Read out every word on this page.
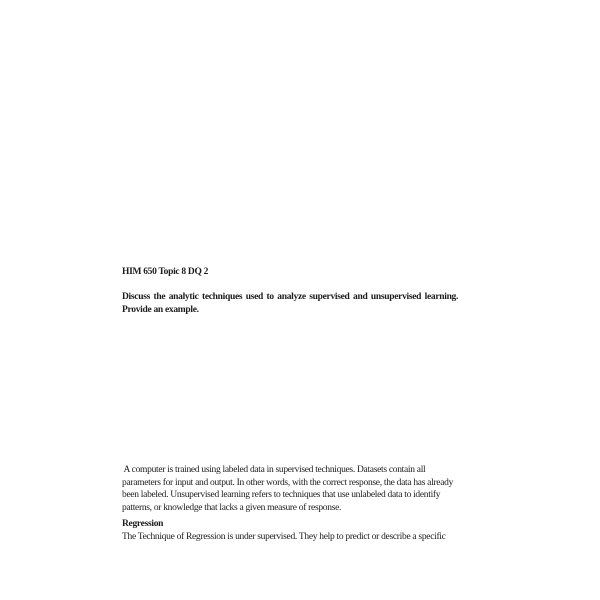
HIM 650 Topic 8 DQ 2
Discuss the analytic techniques used to analyze supervised and unsupervised learning.
Provide an example.
A computer is trained using labeled data in supervised techniques. Datasets contain all
parameters for input and output. In other words, with the correct response, the data has already
been labeled. Unsupervised learning refers to techniques that use unlabeled data to identify
patterns, or knowledge that lacks a given measure of response.
Regression
The Technique of Regression is under supervised. They help to predict or describe a specific
